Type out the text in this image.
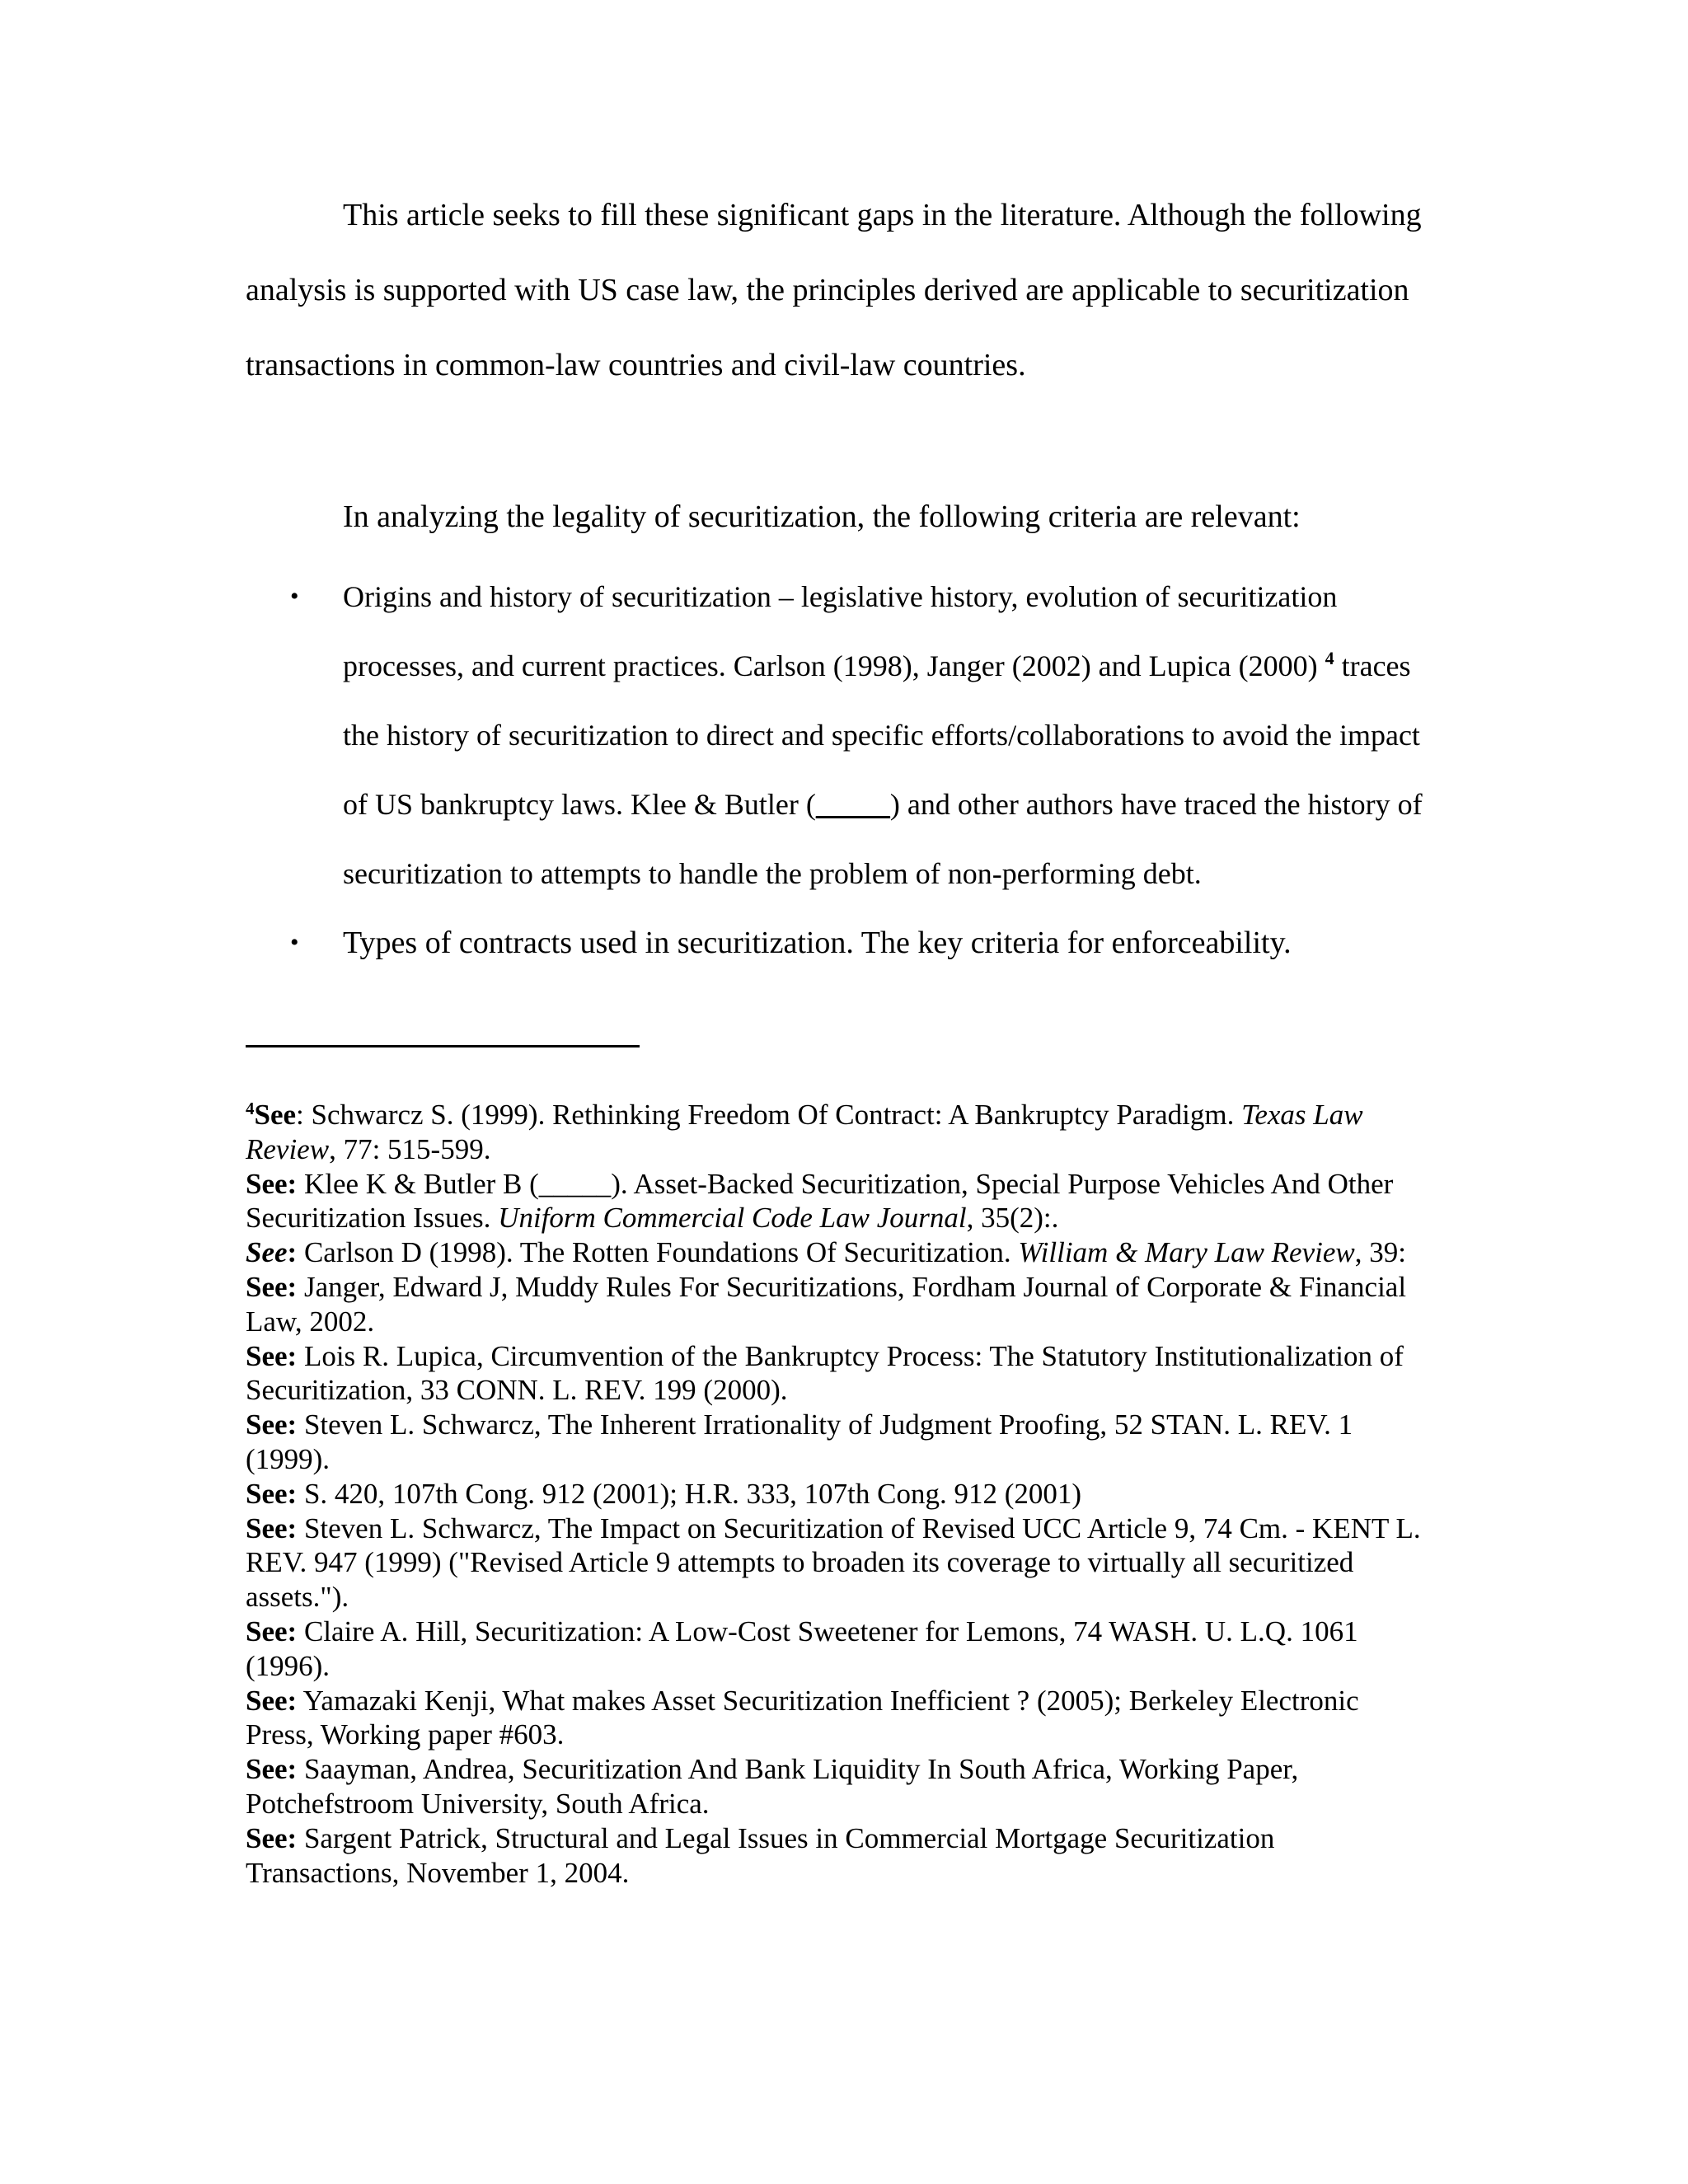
This article seeks to fill these significant gaps in the literature. Although the following analysis is supported with US case law, the principles derived are applicable to securitization transactions in common-law countries and civil-law countries.

In analyzing the legality of securitization, the following criteria are relevant:

• Origins and history of securitization – legislative history, evolution of securitization processes, and current practices. Carlson (1998), Janger (2002) and Lupica (2000) $^4$ traces the history of securitization to direct and specific efforts/collaborations to avoid the impact of US bankruptcy laws. Klee & Butler (_____) and other authors have traced the history of securitization to attempts to handle the problem of non-performing debt.
• Types of contracts used in securitization. The key criteria for enforceability.

$^4$See: Schwarcz S. (1999). Rethinking Freedom Of Contract: A Bankruptcy Paradigm. Texas Law Review, 77: 515-599.

See: Klee K & Butler B (_____). Asset-Backed Securitization, Special Purpose Vehicles And Other Securitization Issues. Uniform Commercial Code Law Journal, 35(2):.

See: Carlson D (1998). The Rotten Foundations Of Securitization. William & Mary Law Review, 39:

See: Janger, Edward J, Muddy Rules For Securitizations, Fordham Journal of Corporate & Financial Law, 2002.

See: Lois R. Lupica, Circumvention of the Bankruptcy Process: The Statutory Institutionalization of Securitization, 33 CONN. L. REV. 199 (2000).

See: Steven L. Schwarcz, The Inherent Irrationality of Judgment Proofing, 52 STAN. L. REV. 1 (1999).

See: S. 420, 107th Cong. 912 (2001); H.R. 333, 107th Cong. 912 (2001)

See: Steven L. Schwarcz, The Impact on Securitization of Revised UCC Article 9, 74 Cm. - KENT L. REV. 947 (1999) ("Revised Article 9 attempts to broaden its coverage to virtually all securitized assets.").

See: Claire A. Hill, Securitization: A Low-Cost Sweetener for Lemons, 74 WASH. U. L.Q. 1061 (1996).

See: Yamazaki Kenji, What makes Asset Securitization Inefficient ? (2005); Berkeley Electronic Press, Working paper #603.

See: Saayman, Andrea, Securitization And Bank Liquidity In South Africa, Working Paper, Potchefstroom University, South Africa.

See: Sargent Patrick, Structural and Legal Issues in Commercial Mortgage Securitization Transactions, November 1, 2004.
